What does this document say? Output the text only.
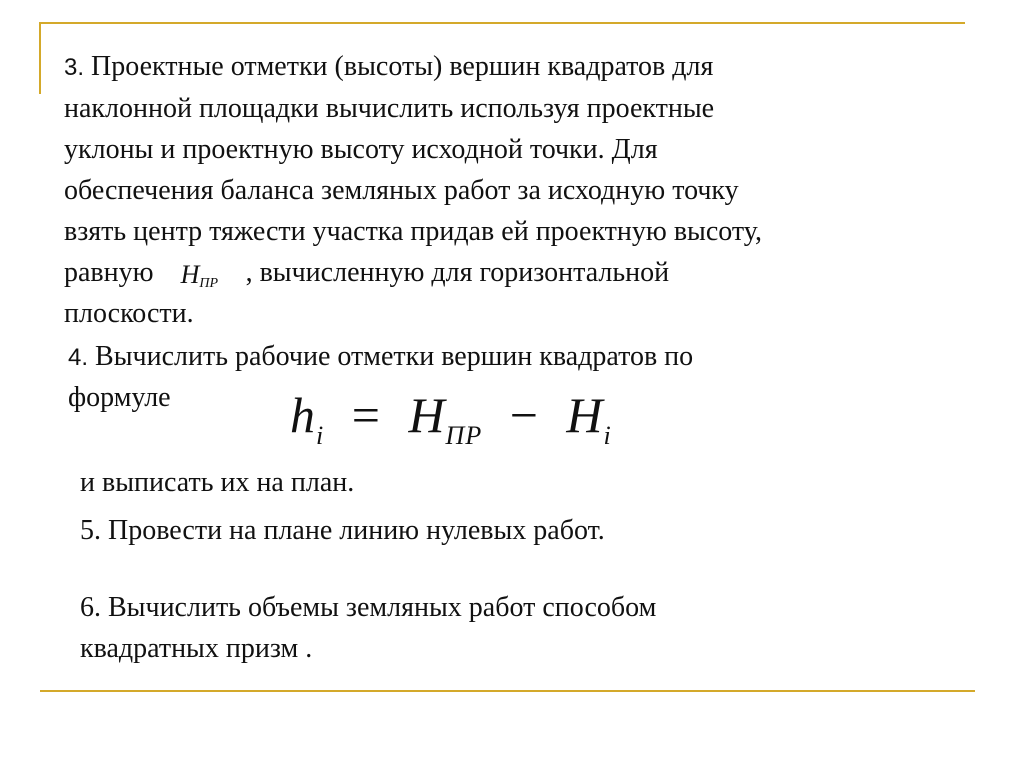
3. Проектные отметки (высоты) вершин квадратов для
наклонной площадки вычислить используя проектные
уклоны и проектную высоту исходной точки. Для
обеспечения баланса земляных работ за исходную точку
взять центр тяжести участка придав ей проектную высоту,
равную $Н_{ПР}$ , вычисленную для горизонтальной
плоскости.
4. Вычислить рабочие отметки вершин квадратов по
формуле	$h_i = H_{ПР} - H_i$
и выписать их на план.
5. Провести на плане линию нулевых работ.
6. Вычислить объемы земляных работ способом
квадратных призм .
